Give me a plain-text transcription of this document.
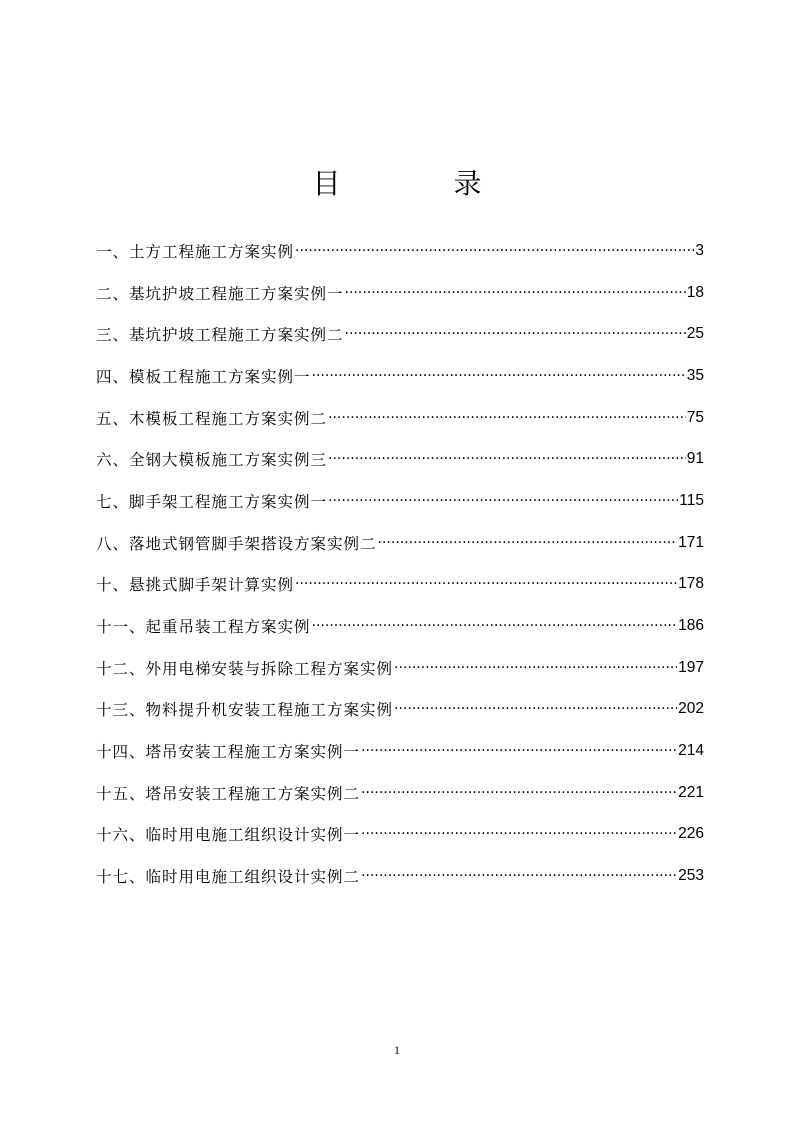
目 录
一、土方工程施工方案实例 ·····	3
二、基坑护坡工程施工方案实例一 ·····	18
三、基坑护坡工程施工方案实例二 ·····	25
四、模板工程施工方案实例一 ·····	35
五、木模板工程施工方案实例二 ·····	75
六、全钢大模板施工方案实例三 ·····	91
七、脚手架工程施工方案实例一 ·····	115
八、落地式钢管脚手架搭设方案实例二 ·····	171
十、悬挑式脚手架计算实例 ·····	178
十一、起重吊装工程方案实例 ·····	186
十二、外用电梯安装与拆除工程方案实例 ·····	197
十三、物料提升机安装工程施工方案实例 ·····	202
十四、塔吊安装工程施工方案实例一 ·····	214
十五、塔吊安装工程施工方案实例二 ·····	221
十六、临时用电施工组织设计实例一 ·····	226
十七、临时用电施工组织设计实例二 ·····	253
1
